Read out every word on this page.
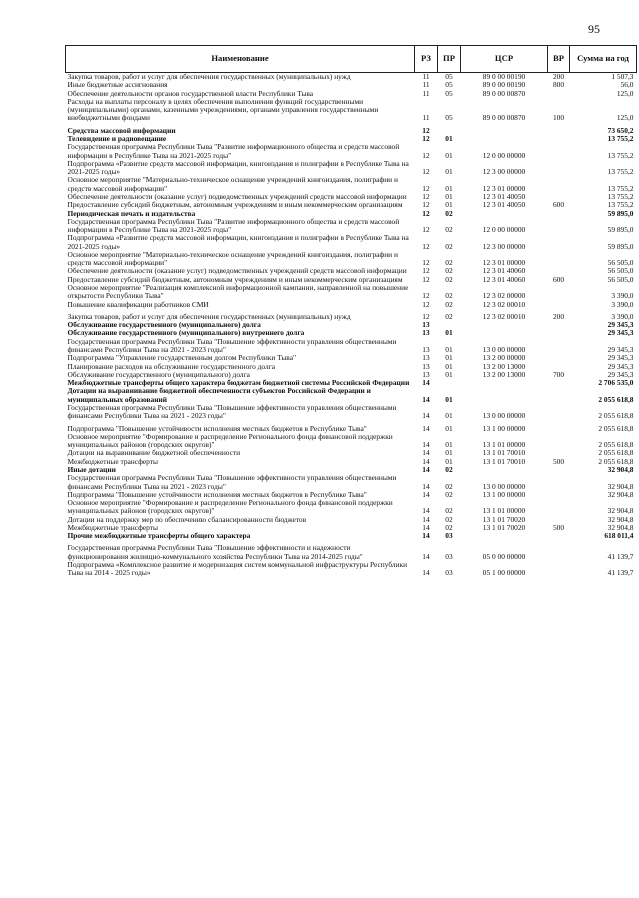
95
Наименование	РЗ	ПР	ЦСР	ВР	Сумма на год
Закупка товаров, работ и услуг для обеспечения государственных (муниципальных) нужд	11	05	89 0 00 00190	200	1 507,3
Иные бюджетные ассигнования	11	05	89 0 00 00190	800	56,0
Обеспечение деятельности органов государственной власти Республики Тыва	11	05	89 0 00 00870		125,0
Расходы на выплаты персоналу в целях обеспечения выполнения функций государственными (муниципальными) органами, казенными учреждениями, органами управления государственными внебюджетными фондами	11	05	89 0 00 00870	100	125,0

Средства массовой информации	12				73 650,2
Телевидение и радиовещание	12	01			13 755,2
Государственная программа Республики Тыва "Развитие информационного общества и средств массовой информации в Республике Тыва на 2021-2025 годы"	12	01	12 0 00 00000		13 755,2
Подпрограмма «Развитие средств массовой информации, книгоиздания и полиграфии в Республике Тыва на 2021-2025 годы»	12	01	12 3 00 00000		13 755,2
Основное мероприятие "Материально-техническое оснащение учреждений книгоиздания, полиграфии и средств массовой информации"	12	01	12 3 01 00000		13 755,2
Обеспечение деятельности (оказание услуг) подведомственных учреждений средств массовой информации	12	01	12 3 01 40050		13 755,2
Предоставление субсидий бюджетным, автономным учреждениям и иным некоммерческим организациям	12	01	12 3 01 40050	600	13 755,2
Периодическая печать и издательства	12	02			59 895,0
Государственная программа Республики Тыва "Развитие информационного общества и средств массовой информации в Республике Тыва на 2021-2025 годы"	12	02	12 0 00 00000		59 895,0
Подпрограмма «Развитие средств массовой информации, книгоиздания и полиграфии в Республике Тыва на 2021-2025 годы»	12	02	12 3 00 00000		59 895,0
Основное мероприятие "Материально-техническое оснащение учреждений книгоиздания, полиграфии и средств массовой информации"	12	02	12 3 01 00000		56 505,0
Обеспечение деятельности (оказание услуг) подведомственных учреждений средств массовой информации	12	02	12 3 01 40060		56 505,0
Предоставление субсидий бюджетным, автономным учреждениям и иным некоммерческим организациям	12	02	12 3 01 40060	600	56 505,0
Основное мероприятие "Реализация комплексной информационной кампании, направленной на повышение открытости Республики Тыва"	12	02	12 3 02 00000		3 390,0
Повышение квалификации работников СМИ	12	02	12 3 02 00010		3 390,0

Закупка товаров, работ и услуг для обеспечения государственных (муниципальных) нужд	12	02	12 3 02 00010	200	3 390,0
Обслуживание государственного (муниципального) долга	13				29 345,3
Обслуживание государственного (муниципального) внутреннего долга	13	01			29 345,3
Государственная программа Республики Тыва "Повышение эффективности управления общественными финансами Республики Тыва на 2021 - 2023 годы"	13	01	13 0 00 00000		29 345,3
Подпрограмма "Управление государственным долгом Республики Тыва"	13	01	13 2 00 00000		29 345,3
Планирование расходов на обслуживание государственного долга	13	01	13 2 00 13000		29 345,3
Обслуживание государственного (муниципального) долга	13	01	13 2 00 13000	700	29 345,3
Межбюджетные трансферты общего характера бюджетам бюджетной системы Российской Федерации	14				2 706 535,0
Дотации на выравнивание бюджетной обеспеченности субъектов Российской Федерации и муниципальных образований	14	01			2 055 618,8
Государственная программа Республики Тыва "Повышение эффективности управления общественными финансами Республики Тыва на 2021 - 2023 годы"	14	01	13 0 00 00000		2 055 618,8

Подпрограмма "Повышение устойчивости исполнения местных бюджетов в Республике Тыва"	14	01	13 1 00 00000		2 055 618,8
Основное мероприятие "Формирование и распределение Регионального фонда финансовой поддержки муниципальных районов (городских округов)"	14	01	13 1 01 00000		2 055 618,8
Дотации на выравнивание бюджетной обеспеченности	14	01	13 1 01 70010		2 055 618,8
Межбюджетные трансферты	14	01	13 1 01 70010	500	2 055 618,8
Иные дотации	14	02			32 904,8
Государственная программа Республики Тыва "Повышение эффективности управления общественными финансами Республики Тыва на 2021 - 2023 годы"	14	02	13 0 00 00000		32 904,8
Подпрограмма "Повышение устойчивости исполнения местных бюджетов в Республике Тыва"	14	02	13 1 00 00000		32 904,8
Основное мероприятие "Формирование и распределение Регионального фонда финансовой поддержки муниципальных районов (городских округов)"	14	02	13 1 01 00000		32 904,8
Дотации на поддержку мер по обеспечению сбалансированности бюджетов	14	02	13 1 01 70020		32 904,8
Межбюджетные трансферты	14	02	13 1 01 70020	500	32 904,8
Прочие межбюджетные трансферты общего характера	14	03			618 011,4

Государственная программа Республики Тыва "Повышение эффективности и надежности функционирования жилищно-коммунального хозяйства Республики Тыва на 2014-2025 годы"	14	03	05 0 00 00000		41 139,7
Подпрограмма «Комплексное развитие и модернизация систем коммунальной инфраструктуры Республики Тыва на 2014 - 2025 годы»	14	03	05 1 00 00000		41 139,7
